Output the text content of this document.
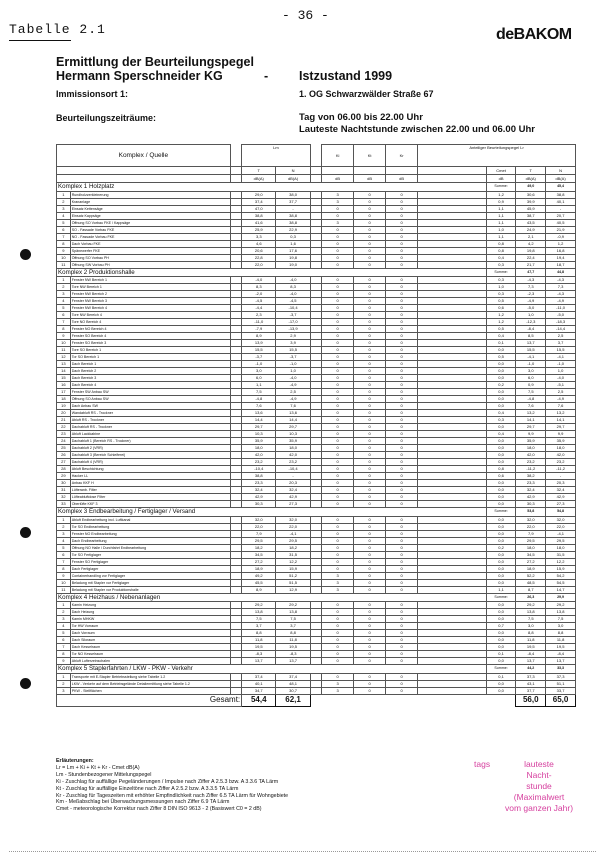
- 36 -
Tabelle 2.1	deBAKOM
Ermittlung der Beurteilungspegel
Hermann Sperschneider KG	- Istzustand 1999
Immissionsort 1:	1. OG Schwarzwälder Straße 67
Beurteilungszeiträume:	Tag von 06.00 bis 22.00 Uhr
Lauteste Nachtstunde zwischen 22.00 und 06.00 Uhr
Komplex / Quelle			Lm			Ki	Kt	Kr	Anteiliger Beurteilungspegel Lr			
			T	N						Cmet	T	N
			dB(A)	dB(A)		dB	dB	dB		dB	dB(A)	dB(A)
Komplex 1 Holzplatz										Summe:	49,0	45,4
1	Rundholzzerkleinerung		29,0	38,0		3	0	0		1,2	30,6	38,8
2	Krananlage		37,4	37,7		3	0	0		0,9	39,9	40,1
3	Einsatz Kettensäge		47,0	-		0	0	0		1,1	45,9	-
4	Einsatz Kappsäge		38,8	38,8		0	0	0		1,1	38,7	20,7
5	Öffnung SO Vorbau FKE / Kappsäge		41,6	38,8		3	0	0		1,1	43,5	40,5
6	SO - Fassade Vorbau FKE		25,9	22,9		0	0	0		1,0	24,9	21,9
7	NO - Fassade Vorbau FKE		3,3	0,3		0	0	0		1,1	2,1	-0,9
8	Dach Vorbau FKE		4,6	1,6		0	0	0		0,8	4,2	1,2
9	Spänewerfer FKE		20,6	17,6		0	0	0		0,8	19,8	16,8
10	Öffnung SO Vorbau PH		22,8	19,8		0	0	0		0,4	22,4	19,4
11	Öffnung SW Vorbau PH		22,0	19,0		0	0	0		0,3	21,7	18,7
Komplex 2 Produktionshalle										Summe:	47,7	44,8
1	Fenster NW Bereich 1		-4,0	-4,0		0	0	0		0,3	-4,3	-4,3
2	Tore NW Bereich 1		8,3	8,3		0	0	0		1,0	7,3	7,3
3	Fenster NW Bereich 2		-2,0	-4,0		0	0	0		0,3	-2,3	-4,3
4	Fenster NW Bereich 3		-4,5	-4,5		0	0	0		0,5	-4,9	-4,9
5	Fenster NW Bereich 4		-4,4	-10,4		0	0	0		0,6	-5,0	-11,0
6	Tore NW Bereich 4		2,3	-3,7		0	0	0		1,2	1,0	-5,0
7	Tore NO Bereich 4		-11,0	-17,0		0	0	0		1,2	-12,3	-18,3
8	Fenster NO Bereich 4		-7,9	-13,9		0	0	0		0,5	-8,4	-14,4
9	Fenster SO Bereich 4		8,9	2,9		0	0	0		0,4	8,5	2,5
10	Fenster SO Bereich 3		13,9	3,9		0	0	0		0,1	13,7	3,7
11	Tore SO Bereich 1		15,5	15,5		0	0	0		0,0	15,5	15,5
12	Tor SO Bereich 1		-3,7	-3,7		0	0	0		0,5	-4,1	-4,1
13	Dach Bereich 1		-1,0	-1,0		0	0	0		0,0	-1,0	-1,0
14	Dach Bereich 2		3,0	1,0		0	0	0		0,0	3,0	1,0
15	Dach Bereich 3		6,0	-4,0		0	0	0		0,0	6,0	-4,0
16	Dach Bereich 4		1,1	-4,9		0	0	0		0,2	0,9	-5,1
17	Fenster SW Anbau SW		7,5	2,5		0	0	0		0,0	7,5	2,5
18	Öffnung SO Anbau SW		-4,8	-4,9		0	0	0		0,0	-4,8	-4,9
19	Dach Anbau SW		7,6	7,6		0	0	0		0,0	7,6	7,6
20	Wandabluft RS - Trockner		13,6	13,6		0	0	0		0,4	13,2	13,2
21	Abluft RS - Trockner		14,4	14,4		0	0	0		0,3	14,1	14,1
22	Dachabluft RS - Trockner		29,7	29,7		0	0	0		0,0	29,7	29,7
23	Abluft Lackkabine		10,3	10,3		0	0	0		0,4	9,9	9,9
24	Dachabluft 1 (Bereich RS - Trockner)		35,9	35,9		0	0	0		0,0	35,9	35,9
25	Dachabluft 2 (VRR)		18,0	18,0		0	0	0		0,0	18,0	18,0
26	Dachabluft 3 (Bereich Schleiferei)		42,0	42,0		0	0	0		0,0	42,0	42,0
27	Dachabluft 4 (VRR)		23,2	23,2		0	0	0		0,0	23,2	23,2
28	Abluft Beschichtung		-10,4	-10,4		0	0	0		0,8	-11,2	-11,2
29	Hacker LL		38,8	-		0	0	0		0,6	38,2	-
30	Anbau KKF H		23,3	20,3		0	0	0		0,0	23,3	20,3
31	Lüfteranb. Filter		32,4	32,4		0	0	0		0,0	32,4	32,4
32	Lüfteabluftdose Filter		42,9	42,9		0	0	0		0,0	42,9	42,9
33	Oberlüfte KKF 3		30,3	27,3		0	0	0		0,0	30,3	27,3
Komplex 3 Endbearbeitung / Fertiglager / Versand										Summe:	53,8	54,8
1	Abluft Endbearbeitung incl. Luftkanal		32,0	32,0		0	0	0		0,0	32,0	32,0
2	Tor SO Endbearbeitung		22,0	22,0		0	0	0		0,0	22,0	22,0
3	Fenster NO Endbearbeitung		7,9	-4,1		0	0	0		0,0	7,9	-4,1
4	Dach Endbearbeitung		29,5	29,5		0	0	0		0,0	29,5	29,5
5	Öffnung NO Halle / Durchfahrt Endbearbeitung		18,2	18,2		0	0	0		0,2	18,0	18,0
6	Tor SO Fertiglager		34,5	31,5		0	0	0		0,0	34,5	31,5
7	Fenster SO Fertiglager		27,2	12,2		0	0	0		0,0	27,2	12,2
8	Dach Fertiglager		18,9	15,9		0	0	0		0,0	18,9	15,9
9	Containerhandling vor Fertiglager		49,2	51,2		3	0	0		0,0	52,2	54,2
10	Beladung mit Stapler vor Fertiglager		45,5	51,5		3	0	0		0,0	48,5	54,5
11	Beladung mit Stapler vor Produktionshalle		8,9	12,9		3	0	0		1,1	8,7	14,7
Komplex 4 Heizhaus / Nebenanlagen										Summe:	26,3	29,9
1	Kamin Heizung		29,2	29,2		0	0	0		0,0	29,2	29,2
2	Dach Heizung		13,8	13,8		0	0	0		0,0	13,8	13,8
3	Kamin MHKW		7,5	7,5		0	0	0		0,0	7,5	7,5
4	Tor HW Vorraum		3,7	3,7		0	0	0		0,7	3,0	3,0
5	Dach Vorraum		8,8	8,8		0	0	0		0,0	8,8	8,8
6	Dach Siloraum		11,8	11,8		0	0	0		0,0	11,8	11,8
7	Dach Kesselraum		19,5	19,5		0	0	0		0,0	19,5	19,5
8	Tor NO Kesselraum		-8,3	-8,3		0	0	0		0,1	-8,4	-8,4
9	Abluft Lufterzeinschalen		13,7	13,7		0	0	0		0,0	13,7	13,7
Komplex 5 Staplerfahrten / LKW - PKW - Verkehr										Summe:	44,2	33,3
1	Transporte mit E-Stapler Betriebsstellung siehe Tabelle 1.2		37,4	37,4		0	0	0		0,1	37,3	37,3
2	LKW - Verkehr auf dem Betriebsgelände Detailermittlung siehe Tabelle 1.2		40,1	48,1		3	0	0		0,0	43,1	51,1
3	PKW - Stellflächen		34,7	30,7		3	0	0		0,0	37,7	33,7
Gesamt:			54,4	62,1							56,0	65,0
Erläuterungen:
Lr = Lm + Ki + Kt + Kr - Cmet dB(A)
Lm - Stundenbezogener Mittelungspegel
Ki - Zuschlag für auffällige Pegeländerungen / Impulse nach Ziffer A 2.5.3 bzw. A 3.3.6 TA Lärm
Kt - Zuschlag für auffällige Einzeltöne nach Ziffer A 2.5.2 bzw. A 3.3.5 TA Lärm
Kr - Zuschlag für Tageszeiten mit erhöhter Empfindlichkeit nach Ziffer 6.5 TA Lärm für Wohngebiete
Km - Meßabschlag bei Überwachungsmessungen nach Ziffer 6.9 TA Lärm
Cmet - meteorologische Korrektur nach Ziffer 8 DIN ISO 9613 - 2 (Basiswert C0 = 2 dB)
tags	lauteste
Nacht-
stunde
(Maximalwert
vom ganzen Jahr)
